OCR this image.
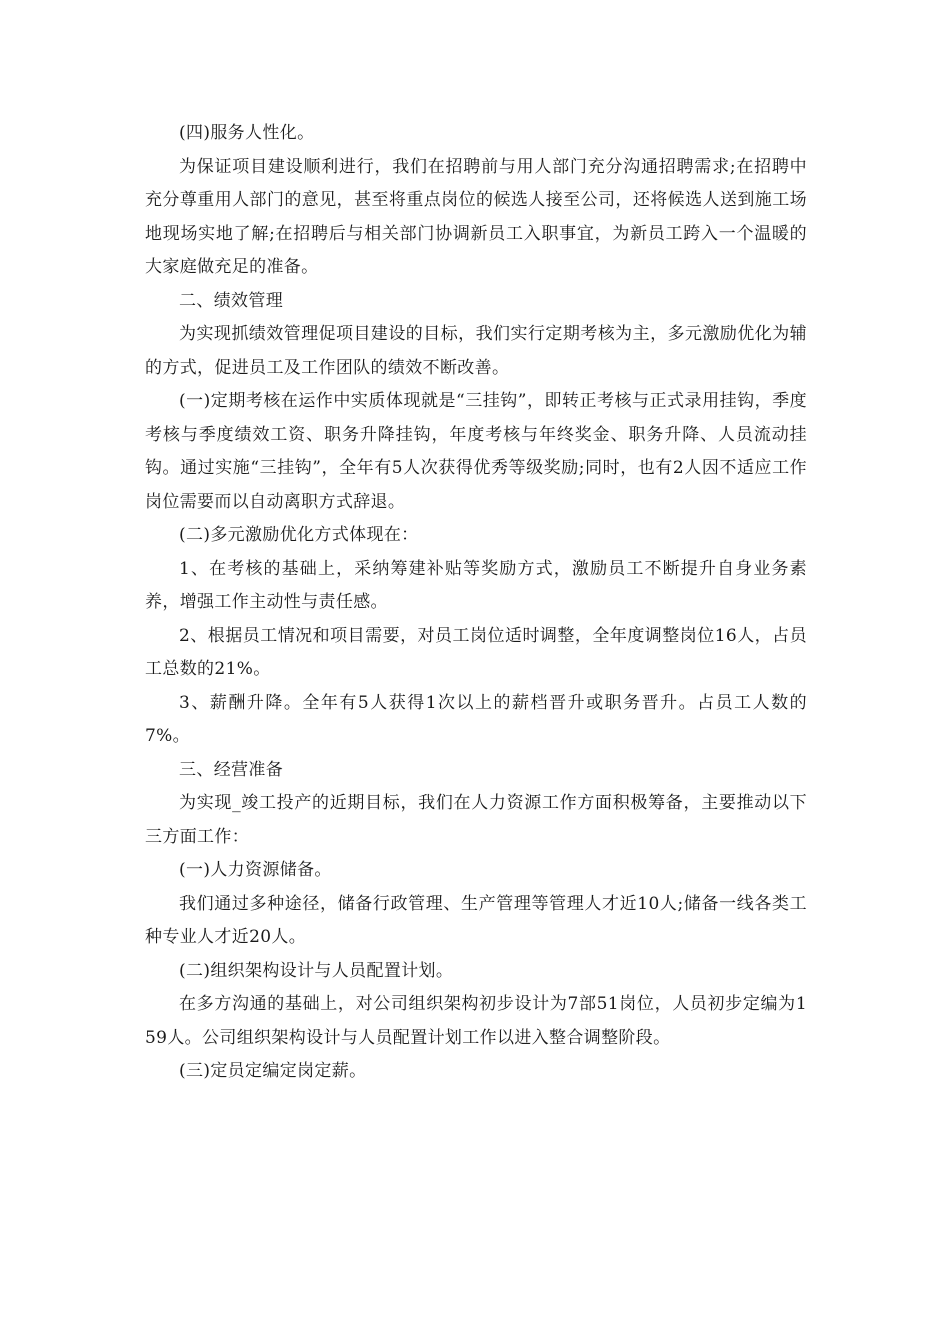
(四)服务人性化。

为保证项目建设顺利进行，我们在招聘前与用人部门充分沟通招聘需求;在招聘中充分尊重用人部门的意见，甚至将重点岗位的候选人接至公司，还将候选人送到施工场地现场实地了解;在招聘后与相关部门协调新员工入职事宜，为新员工跨入一个温暖的大家庭做充足的准备。

二、绩效管理

为实现抓绩效管理促项目建设的目标，我们实行定期考核为主，多元激励优化为辅的方式，促进员工及工作团队的绩效不断改善。

(一)定期考核在运作中实质体现就是“三挂钩”，即转正考核与正式录用挂钩，季度考核与季度绩效工资、职务升降挂钩，年度考核与年终奖金、职务升降、人员流动挂钩。通过实施“三挂钩”，全年有5人次获得优秀等级奖励;同时，也有2人因不适应工作岗位需要而以自动离职方式辞退。

(二)多元激励优化方式体现在：

1、在考核的基础上，采纳筹建补贴等奖励方式，激励员工不断提升自身业务素养，增强工作主动性与责任感。

2、根据员工情况和项目需要，对员工岗位适时调整，全年度调整岗位16人，占员工总数的21%。

3、薪酬升降。全年有5人获得1次以上的薪档晋升或职务晋升。占员工人数的7%。

三、经营准备

为实现_竣工投产的近期目标，我们在人力资源工作方面积极筹备，主要推动以下三方面工作：

(一)人力资源储备。

我们通过多种途径，储备行政管理、生产管理等管理人才近10人;储备一线各类工种专业人才近20人。

(二)组织架构设计与人员配置计划。

在多方沟通的基础上，对公司组织架构初步设计为7部51岗位，人员初步定编为159人。公司组织架构设计与人员配置计划工作以进入整合调整阶段。

(三)定员定编定岗定薪。
